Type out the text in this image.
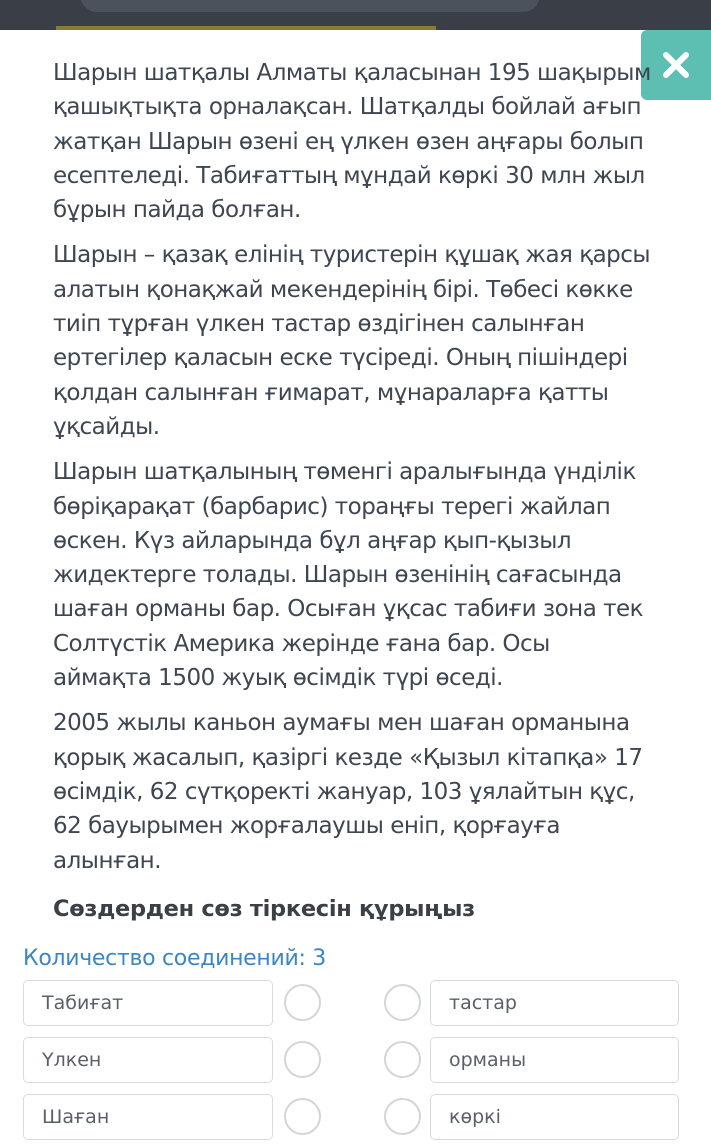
Шарын шатқалы Алматы қаласынан 195 шақырым қашықтықта орналақсан. Шатқалды бойлай ағып жатқан Шарын өзені ең үлкен өзен аңғары болып есептеледі. Табиғаттың мұндай көркі 30 млн жыл бұрын пайда болған.

Шарын – қазақ елінің туристерін құшақ жая қарсы алатын қонақжай мекендерінің бірі. Төбесі көкке тиіп тұрған үлкен тастар өздігінен салынған ертегілер қаласын еске түсіреді. Оның пішіндері қолдан салынған ғимарат, мұнараларға қатты ұқсайды.

Шарын шатқалының төменгі аралығында үнділік бөріқарақат (барбарис) тораңғы терегі жайлап өскен. Күз айларында бұл аңғар қып-қызыл жидектерге толады. Шарын өзенінің сағасында шаған орманы бар. Осыған ұқсас табиғи зона тек Солтүстік Америка жерінде ғана бар. Осы аймақта 1500 жуық өсімдік түрі өседі.

2005 жылы каньон аумағы мен шаған орманына қорық жасалып, қазіргі кезде «Қызыл кітапқа» 17 өсімдік, 62 сүтқоректі жануар, 103 ұялайтын құс, 62 бауырымен жорғалаушы еніп, қорғауға алынған.

Сөздерден сөз тіркесін құрыңыз
Количество соединений: 3
Табиғат	тастар
Үлкен	орманы
Шаған	көркі
